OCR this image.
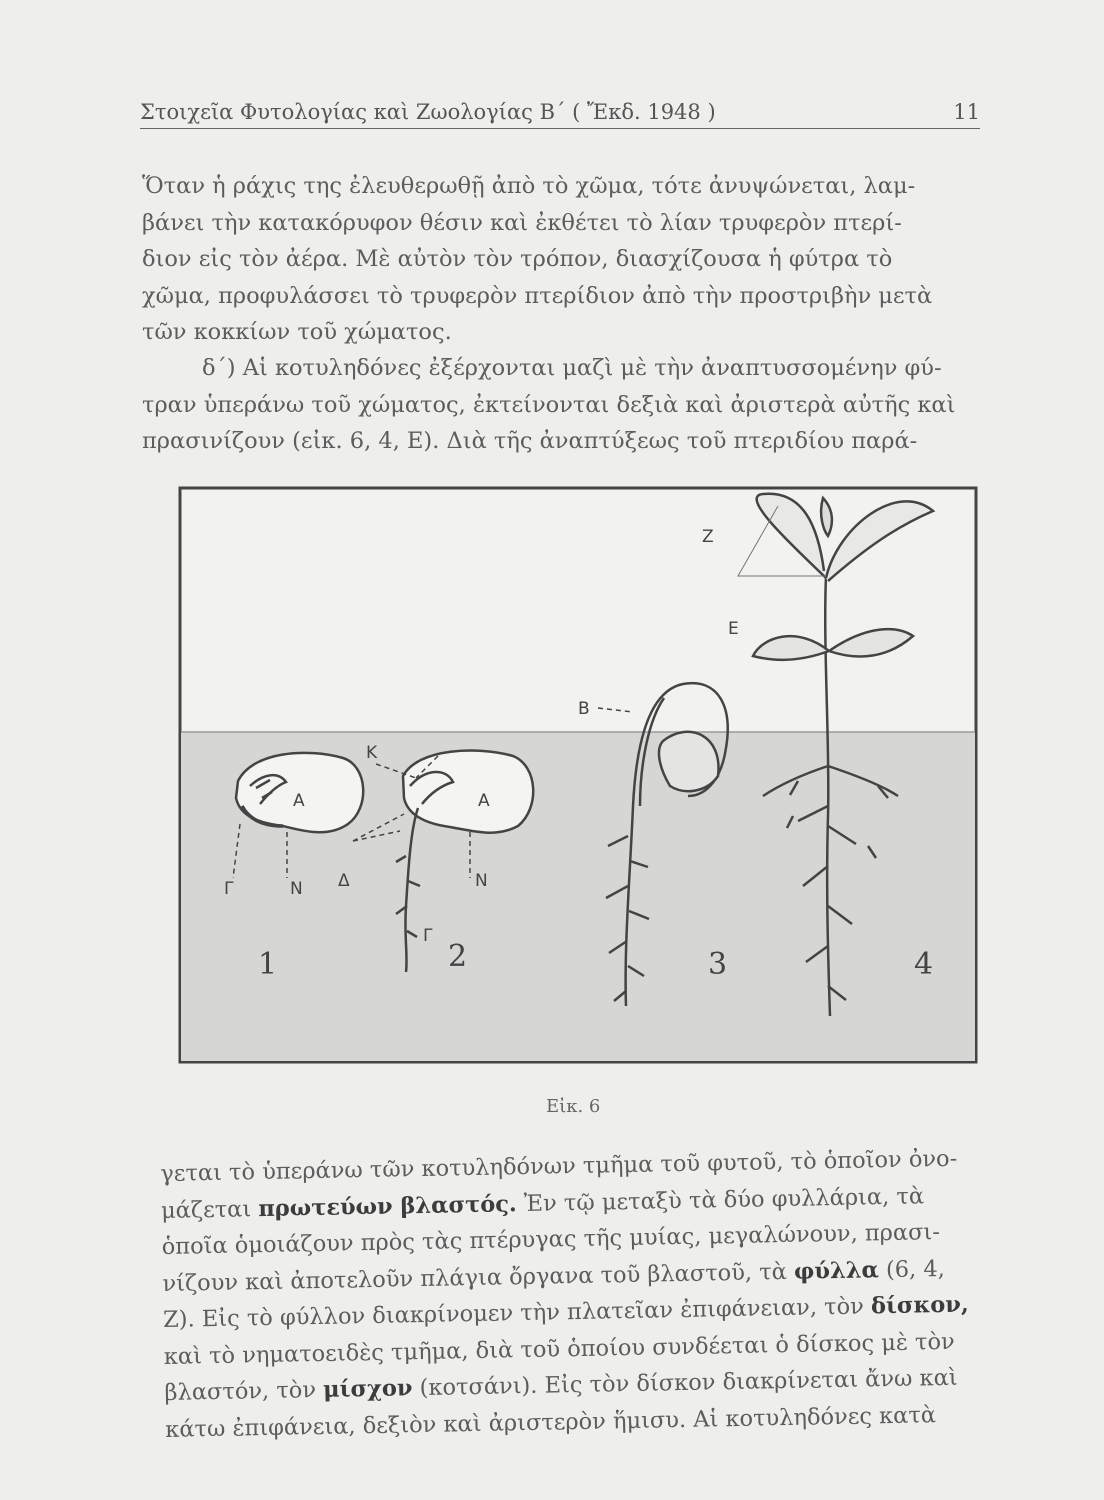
Στοιχεῖα Φυτολογίας καὶ Ζωολογίας Β΄ ( Ἔκδ. 1948 )	11

Ὅταν ἡ ράχις της ἐλευθερωθῇ ἀπὸ τὸ χῶμα, τότε ἀνυψώνεται, λαμ-
βάνει τὴν κατακόρυφον θέσιν καὶ ἐκθέτει τὸ λίαν τρυφερὸν πτερί-
διον εἰς τὸν ἀέρα. Μὲ αὐτὸν τὸν τρόπον, διασχίζουσα ἡ φύτρα τὸ
χῶμα, προφυλάσσει τὸ τρυφερὸν πτερίδιον ἀπὸ τὴν προστριβὴν μετὰ
τῶν κοκκίων τοῦ χώματος.

δ΄) Αἱ κοτυληδόνες ἐξέρχονται μαζὶ μὲ τὴν ἀναπτυσσομένην φύ-
τραν ὑπεράνω τοῦ χώματος, ἐκτείνονται δεξιὰ καὶ ἀριστερὰ αὐτῆς καὶ
πρασινίζουν (εἰκ. 6, 4, Ε). Διὰ τῆς ἀναπτύξεως τοῦ πτεριδίου παρά-

Α	Α
Κ
Γ	Ν Δ	Ν
Γ
Β
Ε
Ζ
1	2	3	4
Εἰκ. 6

γεται τὸ ὑπεράνω τῶν κοτυληδόνων τμῆμα τοῦ φυτοῦ, τὸ ὁποῖον ὀνο-
μάζεται πρωτεύων βλαστός. Ἐν τῷ μεταξὺ τὰ δύο φυλλάρια, τὰ
ὁποῖα ὁμοιάζουν πρὸς τὰς πτέρυγας τῆς μυίας, μεγαλώνουν, πρασι-
νίζουν καὶ ἀποτελοῦν πλάγια ὄργανα τοῦ βλαστοῦ, τὰ φύλλα (6, 4,
Ζ). Εἰς τὸ φύλλον διακρίνομεν τὴν πλατεῖαν ἐπιφάνειαν, τὸν δίσκον,
καὶ τὸ νηματοειδὲς τμῆμα, διὰ τοῦ ὁποίου συνδέεται ὁ δίσκος μὲ τὸν
βλαστόν, τὸν μίσχον (κοτσάνι). Εἰς τὸν δίσκον διακρίνεται ἄνω καὶ
κάτω ἐπιφάνεια, δεξιὸν καὶ ἀριστερὸν ἥμισυ. Αἱ κοτυληδόνες κατὰ
